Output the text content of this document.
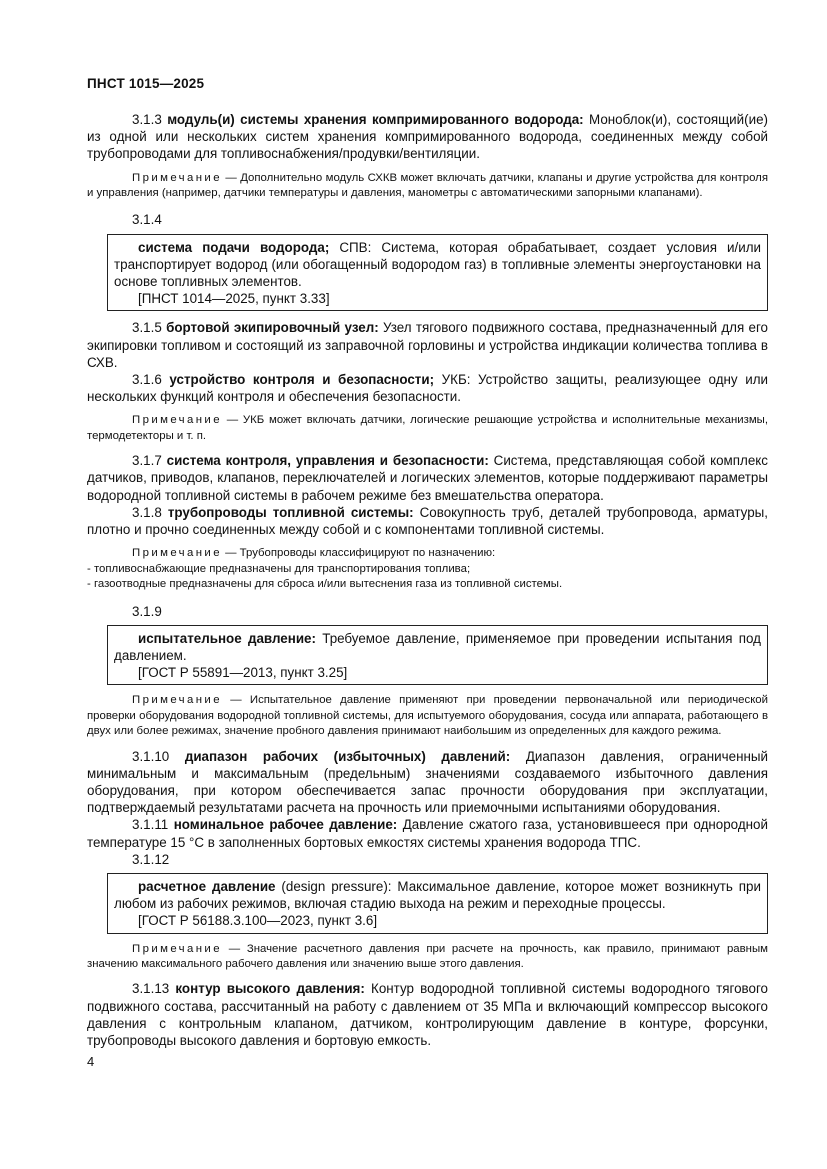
ПНСТ 1015—2025

3.1.3 модуль(и) системы хранения компримированного водорода: Моноблок(и), состоящий(ие) из одной или нескольких систем хранения компримированного водорода, соединенных между собой трубопроводами для топливоснабжения/продувки/вентиляции.

Примечание — Дополнительно модуль СХКВ может включать датчики, клапаны и другие устройства для контроля и управления (например, датчики температуры и давления, манометры с автоматическими запорными клапанами).

3.1.4

система подачи водорода; СПВ: Система, которая обрабатывает, создает условия и/или транспортирует водород (или обогащенный водородом газ) в топливные элементы энергоустановки на основе топливных элементов.

[ПНСТ 1014—2025, пункт 3.33]

3.1.5 бортовой экипировочный узел: Узел тягового подвижного состава, предназначенный для его экипировки топливом и состоящий из заправочной горловины и устройства индикации количества топлива в СХВ.

3.1.6 устройство контроля и безопасности; УКБ: Устройство защиты, реализующее одну или нескольких функций контроля и обеспечения безопасности.

Примечание — УКБ может включать датчики, логические решающие устройства и исполнительные механизмы, термодетекторы и т. п.

3.1.7 система контроля, управления и безопасности: Система, представляющая собой комплекс датчиков, приводов, клапанов, переключателей и логических элементов, которые поддерживают параметры водородной топливной системы в рабочем режиме без вмешательства оператора.

3.1.8 трубопроводы топливной системы: Совокупность труб, деталей трубопровода, арматуры, плотно и прочно соединенных между собой и с компонентами топливной системы.

Примечание — Трубопроводы классифицируют по назначению:

- топливоснабжающие предназначены для транспортирования топлива;

- газоотводные предназначены для сброса и/или вытеснения газа из топливной системы.

3.1.9

испытательное давление: Требуемое давление, применяемое при проведении испытания под давлением.

[ГОСТ Р 55891—2013, пункт 3.25]

Примечание — Испытательное давление применяют при проведении первоначальной или периодической проверки оборудования водородной топливной системы, для испытуемого оборудования, сосуда или аппарата, работающего в двух или более режимах, значение пробного давления принимают наибольшим из определенных для каждого режима.

3.1.10 диапазон рабочих (избыточных) давлений: Диапазон давления, ограниченный минимальным и максимальным (предельным) значениями создаваемого избыточного давления оборудования, при котором обеспечивается запас прочности оборудования при эксплуатации, подтверждаемый результатами расчета на прочность или приемочными испытаниями оборудования.

3.1.11 номинальное рабочее давление: Давление сжатого газа, установившееся при однородной температуре 15 °С в заполненных бортовых емкостях системы хранения водорода ТПС.

3.1.12

расчетное давление (design pressure): Максимальное давление, которое может возникнуть при любом из рабочих режимов, включая стадию выхода на режим и переходные процессы.

[ГОСТ Р 56188.3.100—2023, пункт 3.6]

Примечание — Значение расчетного давления при расчете на прочность, как правило, принимают равным значению максимального рабочего давления или значению выше этого давления.

3.1.13 контур высокого давления: Контур водородной топливной системы водородного тягового подвижного состава, рассчитанный на работу с давлением от 35 МПа и включающий компрессор высокого давления с контрольным клапаном, датчиком, контролирующим давление в контуре, форсунки, трубопроводы высокого давления и бортовую емкость.

4
